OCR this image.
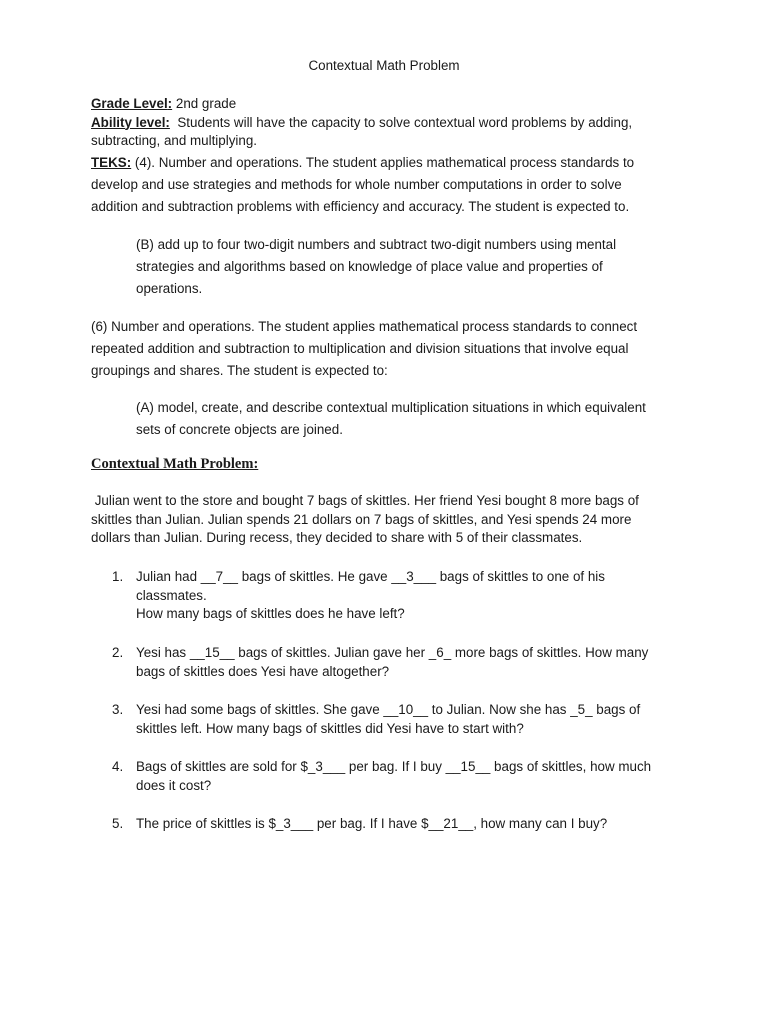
Contextual Math Problem
Grade Level: 2nd grade
Ability level: Students will have the capacity to solve contextual word problems by adding,
subtracting, and multiplying.
TEKS: (4). Number and operations. The student applies mathematical process standards to
develop and use strategies and methods for whole number computations in order to solve
addition and subtraction problems with efficiency and accuracy. The student is expected to.
(B) add up to four two-digit numbers and subtract two-digit numbers using mental
strategies and algorithms based on knowledge of place value and properties of
operations.
(6) Number and operations. The student applies mathematical process standards to connect
repeated addition and subtraction to multiplication and division situations that involve equal
groupings and shares. The student is expected to:
(A) model, create, and describe contextual multiplication situations in which equivalent
sets of concrete objects are joined.
Contextual Math Problem:
Julian went to the store and bought 7 bags of skittles. Her friend Yesi bought 8 more bags of
skittles than Julian. Julian spends 21 dollars on 7 bags of skittles, and Yesi spends 24 more
dollars than Julian. During recess, they decided to share with 5 of their classmates.
1. Julian had __7__ bags of skittles. He gave __3___ bags of skittles to one of his
classmates.
How many bags of skittles does he have left?
2. Yesi has __15__ bags of skittles. Julian gave her _6_ more bags of skittles. How many
bags of skittles does Yesi have altogether?
3. Yesi had some bags of skittles. She gave __10__ to Julian. Now she has _5_ bags of
skittles left. How many bags of skittles did Yesi have to start with?
4. Bags of skittles are sold for $_3___ per bag. If I buy __15__ bags of skittles, how much
does it cost?
5. The price of skittles is $_3___ per bag. If I have $__21__, how many can I buy?
